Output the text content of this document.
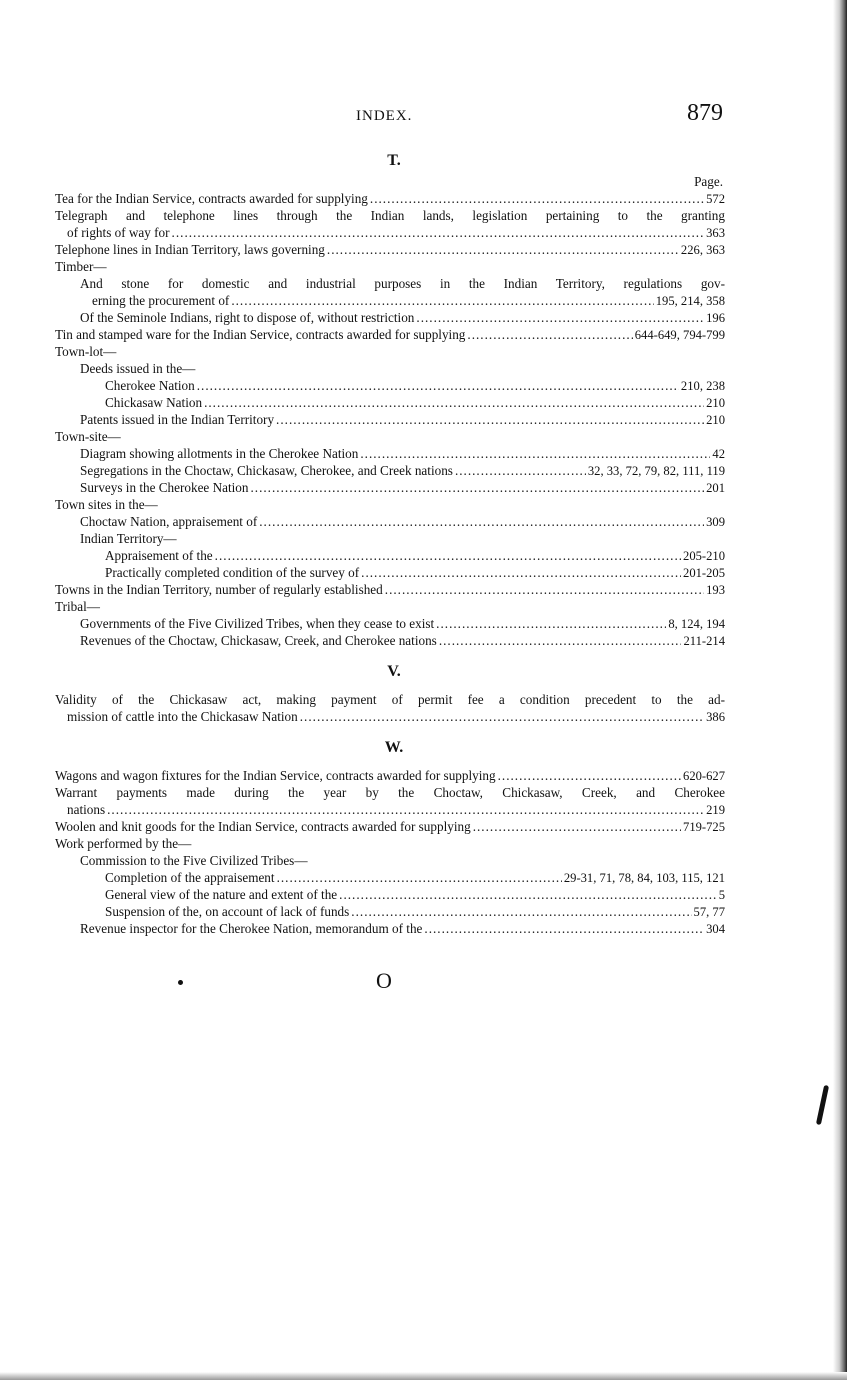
INDEX.	879
T.
Page.
Tea for the Indian Service, contracts awarded for supplying .....	572
Telegraph and telephone lines through the Indian lands, legislation pertaining to the granting
of rights of way for .....	363
Telephone lines in Indian Territory, laws governing .....	226, 363
Timber—
And stone for domestic and industrial purposes in the Indian Territory, regulations gov-
erning the procurement of .....	195, 214, 358
Of the Seminole Indians, right to dispose of, without restriction .....	196
Tin and stamped ware for the Indian Service, contracts awarded for supplying .....	644-649, 794-799
Town-lot—
Deeds issued in the—
Cherokee Nation .....	210, 238
Chickasaw Nation .....	210
Patents issued in the Indian Territory .....	210
Town-site—
Diagram showing allotments in the Cherokee Nation .....	42
Segregations in the Choctaw, Chickasaw, Cherokee, and Creek nations .....	32, 33, 72, 79, 82, 111, 119
Surveys in the Cherokee Nation .....	201
Town sites in the—
Choctaw Nation, appraisement of .....	309
Indian Territory—
Appraisement of the .....	205-210
Practically completed condition of the survey of .....	201-205
Towns in the Indian Territory, number of regularly established .....	193
Tribal—
Governments of the Five Civilized Tribes, when they cease to exist .....	8, 124, 194
Revenues of the Choctaw, Chickasaw, Creek, and Cherokee nations .....	211-214
V.
Validity of the Chickasaw act, making payment of permit fee a condition precedent to the ad-
mission of cattle into the Chickasaw Nation .....	386
W.
Wagons and wagon fixtures for the Indian Service, contracts awarded for supplying .....	620-627
Warrant payments made during the year by the Choctaw, Chickasaw, Creek, and Cherokee
nations .....	219
Woolen and knit goods for the Indian Service, contracts awarded for supplying .....	719-725
Work performed by the—
Commission to the Five Civilized Tribes—
Completion of the appraisement .....	29-31, 71, 78, 84, 103, 115, 121
General view of the nature and extent of the .....	5
Suspension of the, on account of lack of funds .....	57, 77
Revenue inspector for the Cherokee Nation, memorandum of the .....	304
O
